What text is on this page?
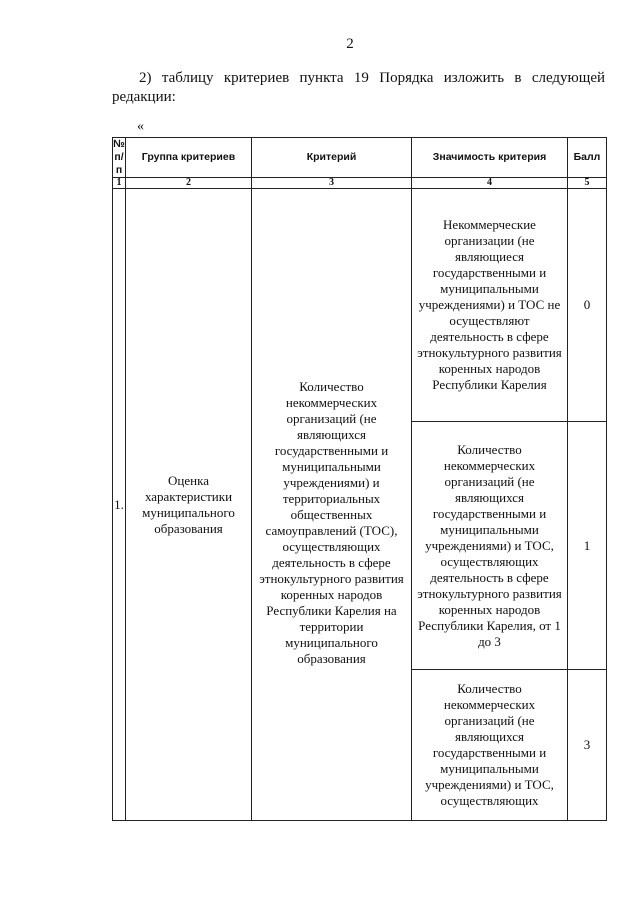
2
2) таблицу критериев пункта 19 Порядка изложить в следующей редакции:
«
№ п/п	Группа критериев	Критерий	Значимость критерия	Балл
1	2	3	4	5
1.	Оценка характеристики муниципального образования	Количество некоммерческих организаций (не являющихся государственными и муниципальными учреждениями) и территориальных общественных самоуправлений (ТОС), осуществляющих деятельность в сфере этнокультурного развития коренных народов Республики Карелия на территории муниципального образования	Некоммерческие организации (не являющиеся государственными и муниципальными учреждениями) и ТОС не осуществляют деятельность в сфере этнокультурного развития коренных народов Республики Карелия	0

			Количество некоммерческих организаций (не являющихся государственными и муниципальными учреждениями) и ТОС, осуществляющих деятельность в сфере этнокультурного развития коренных народов Республики Карелия, от 1 до 3	1

			Количество некоммерческих организаций (не являющихся государственными и муниципальными учреждениями) и ТОС, осуществляющих	3
